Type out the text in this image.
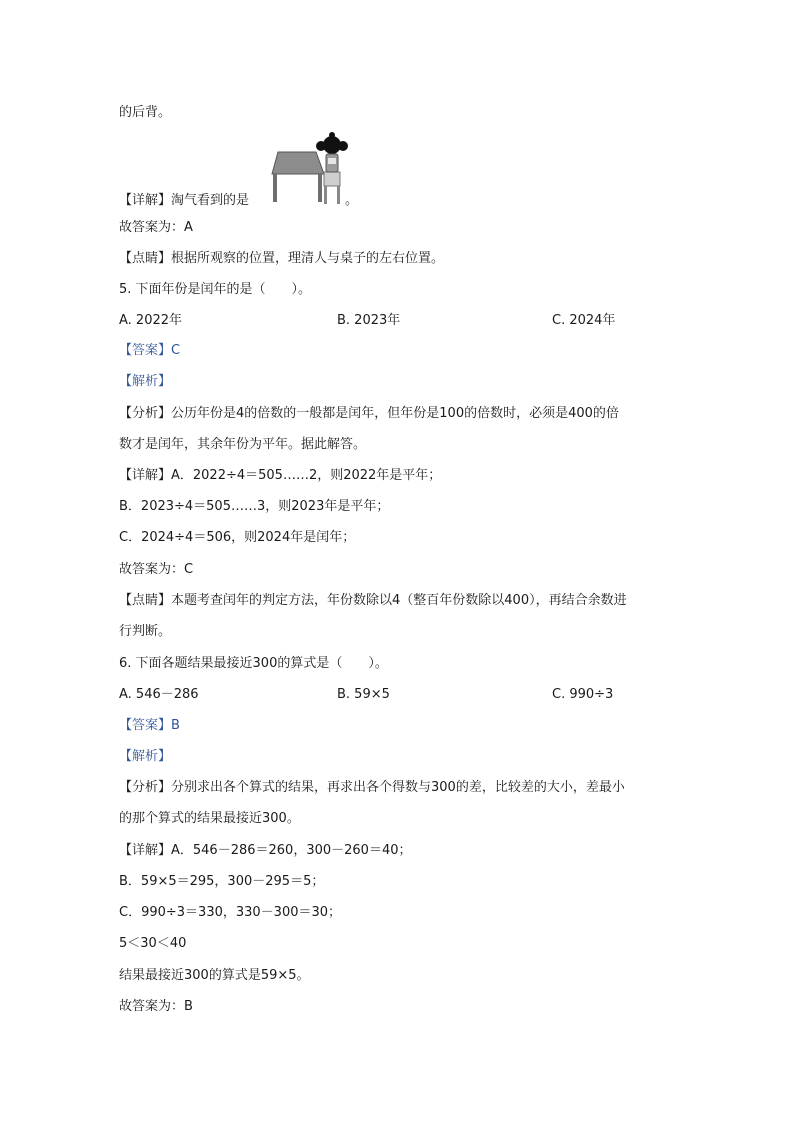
的后背。
【详解】淘气看到的是	。
故答案为：A
【点睛】根据所观察的位置，理清人与桌子的左右位置。
5. 下面年份是闰年的是（　　）。
A. 2022年	B. 2023年	C. 2024年
【答案】C
【解析】
【分析】公历年份是4的倍数的一般都是闰年，但年份是100的倍数时，必须是400的倍
数才是闰年，其余年份为平年。据此解答。
【详解】A．2022÷4＝505……2，则2022年是平年；
B．2023÷4＝505……3，则2023年是平年；
C．2024÷4＝506，则2024年是闰年；
故答案为：C
【点睛】本题考查闰年的判定方法，年份数除以4（整百年份数除以400），再结合余数进
行判断。
6. 下面各题结果最接近300的算式是（　　）。
A. 546－286	B. 59×5	C. 990÷3
【答案】B
【解析】
【分析】分别求出各个算式的结果，再求出各个得数与300的差，比较差的大小，差最小
的那个算式的结果最接近300。
【详解】A．546－286＝260，300－260＝40；
B．59×5＝295，300－295＝5；
C．990÷3＝330，330－300＝30；
5＜30＜40
结果最接近300的算式是59×5。
故答案为：B
